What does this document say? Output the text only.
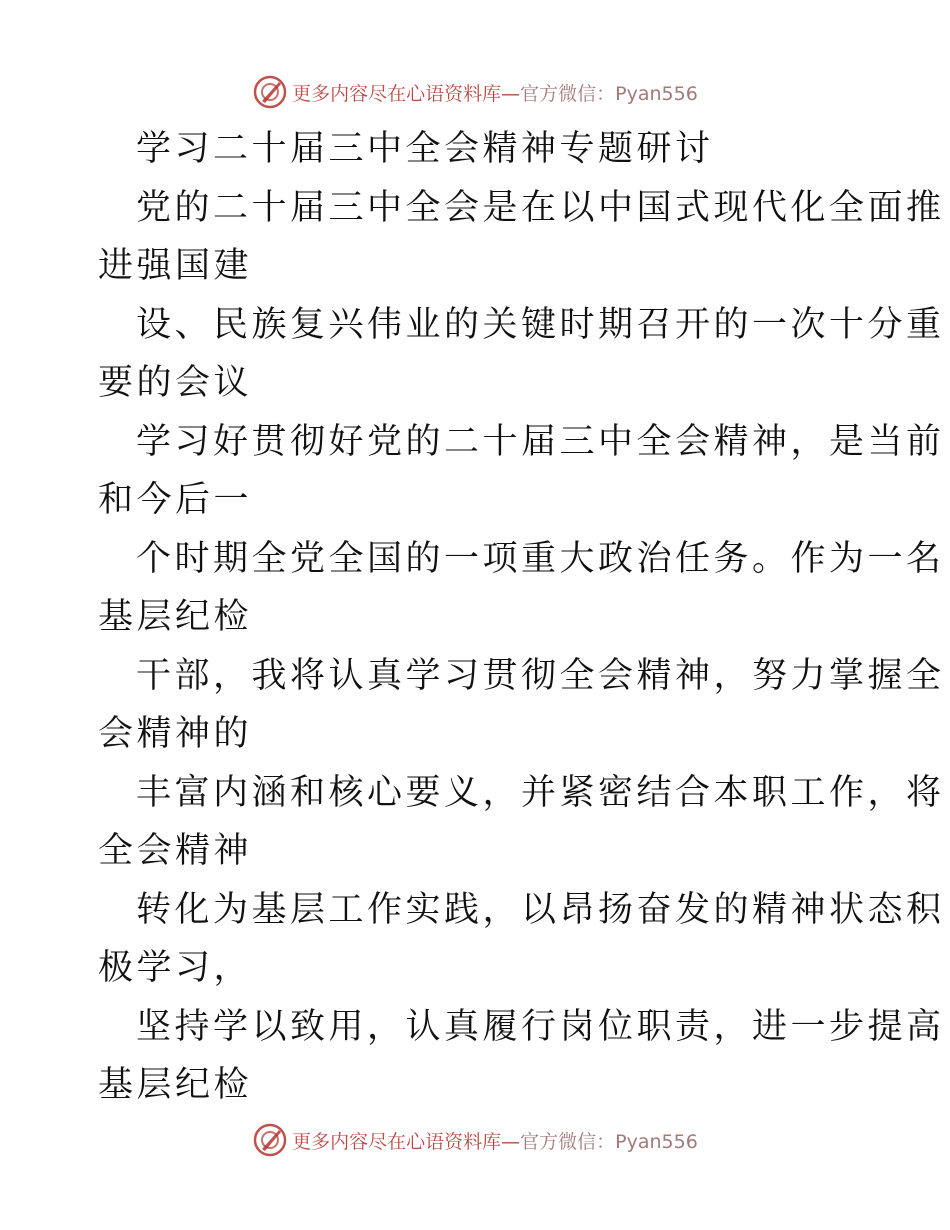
更多内容尽在心语资料库—官方微信：Pyan556
学习二十届三中全会精神专题研讨
党的二十届三中全会是在以中国式现代化全面推
进强国建
设、民族复兴伟业的关键时期召开的一次十分重
要的会议
学习好贯彻好党的二十届三中全会精神，是当前
和今后一
个时期全党全国的一项重大政治任务。作为一名
基层纪检
干部，我将认真学习贯彻全会精神，努力掌握全
会精神的
丰富内涵和核心要义，并紧密结合本职工作，将
全会精神
转化为基层工作实践，以昂扬奋发的精神状态积
极学习，
坚持学以致用，认真履行岗位职责，进一步提高
基层纪检
更多内容尽在心语资料库—官方微信：Pyan556
